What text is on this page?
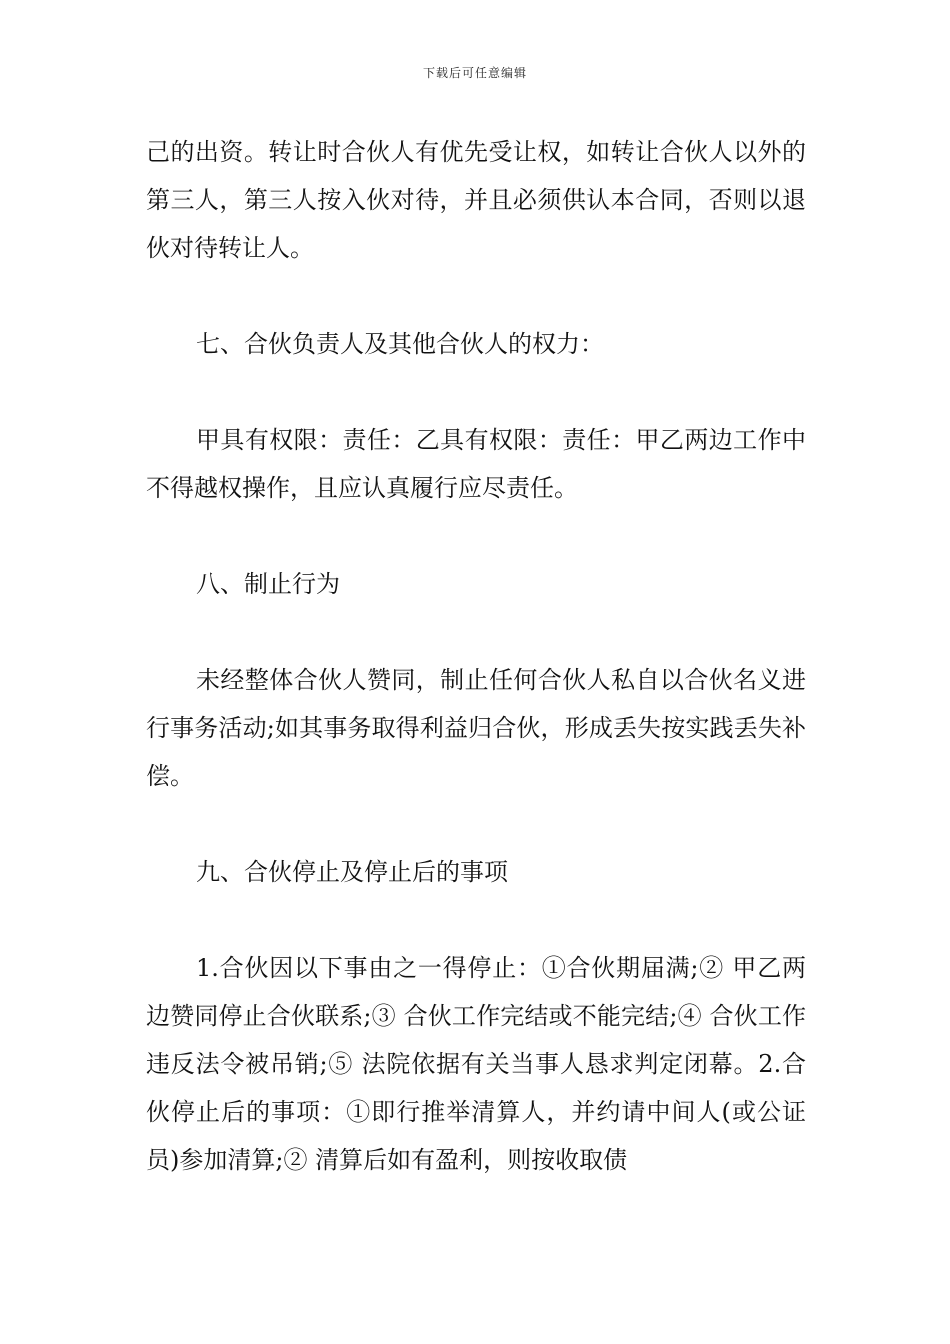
下载后可任意编辑

己的出资。转让时合伙人有优先受让权，如转让合伙人以外的第三人，第三人按入伙对待，并且必须供认本合同，否则以退伙对待转让人。

七、合伙负责人及其他合伙人的权力：

甲具有权限：责任：乙具有权限：责任：甲乙两边工作中不得越权操作，且应认真履行应尽责任。

八、制止行为

未经整体合伙人赞同，制止任何合伙人私自以合伙名义进行事务活动;如其事务取得利益归合伙，形成丢失按实践丢失补偿。

九、合伙停止及停止后的事项

1.合伙因以下事由之一得停止：①合伙期届满;② 甲乙两边赞同停止合伙联系;③ 合伙工作完结或不能完结;④ 合伙工作违反法令被吊销;⑤ 法院依据有关当事人恳求判定闭幕。2.合伙停止后的事项：①即行推举清算人，并约请中间人(或公证员)参加清算;② 清算后如有盈利，则按收取债
